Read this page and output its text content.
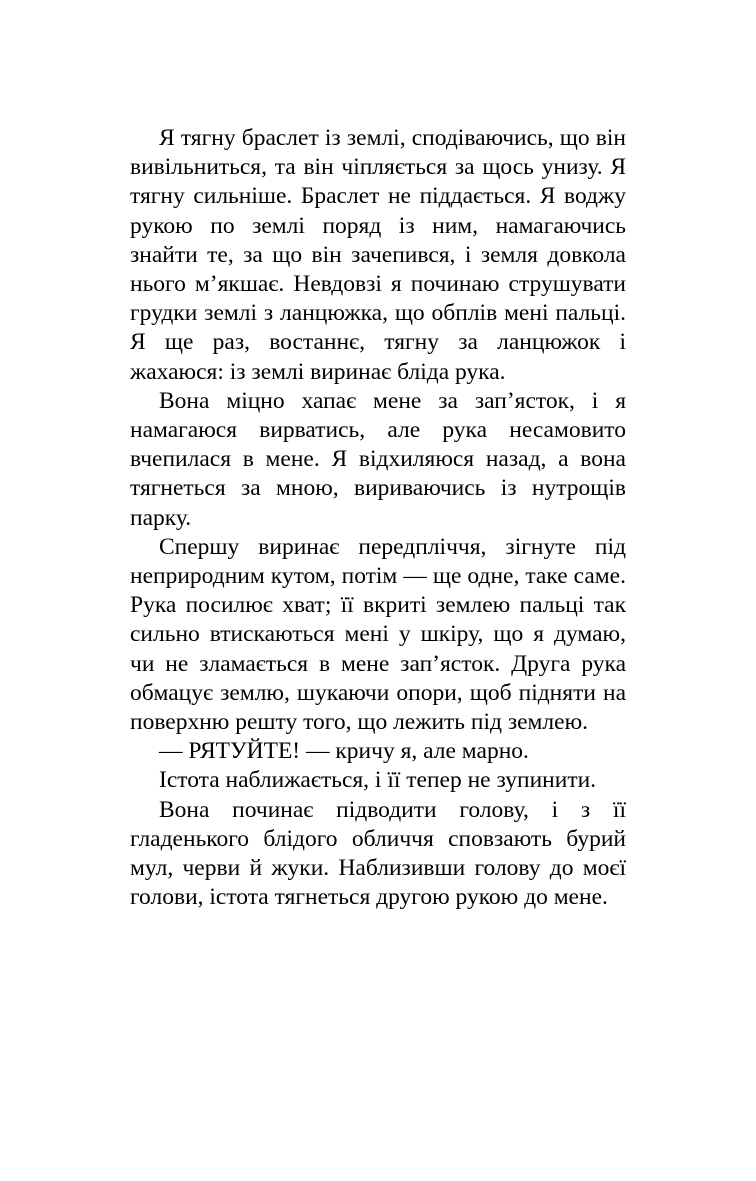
Я тягну браслет із землі, сподіваючись, що він вивільниться, та він чіпляється за щось унизу. Я тягну сильніше. Браслет не піддається. Я воджу рукою по землі поряд із ним, намагаючись знайти те, за що він зачепився, і земля довкола нього м’якшає. Невдовзі я починаю струшувати грудки землі з ланцюжка, що обплів мені пальці. Я ще раз, востаннє, тягну за ланцюжок і жахаюся: із землі виринає бліда рука.

Вона міцно хапає мене за зап’ясток, і я намагаюся вирватись, але рука несамовито вчепилася в мене. Я відхиляюся назад, а вона тягнеться за мною, вириваючись із нутрощів парку.

Спершу виринає передпліччя, зігнуте під неприродним кутом, потім — ще одне, таке саме. Рука посилює хват; її вкриті землею пальці так сильно втискаються мені у шкіру, що я думаю, чи не зламається в мене зап’ясток. Друга рука обмацує землю, шукаючи опори, щоб підняти на поверхню решту того, що лежить під землею.

— РЯТУЙТЕ! — кричу я, але марно.

Істота наближається, і її тепер не зупинити.

Вона починає підводити голову, і з її гладенького блідого обличчя сповзають бурий мул, черви й жуки. Наблизивши голову до моєї голови, істота тягнеться другою рукою до мене.
